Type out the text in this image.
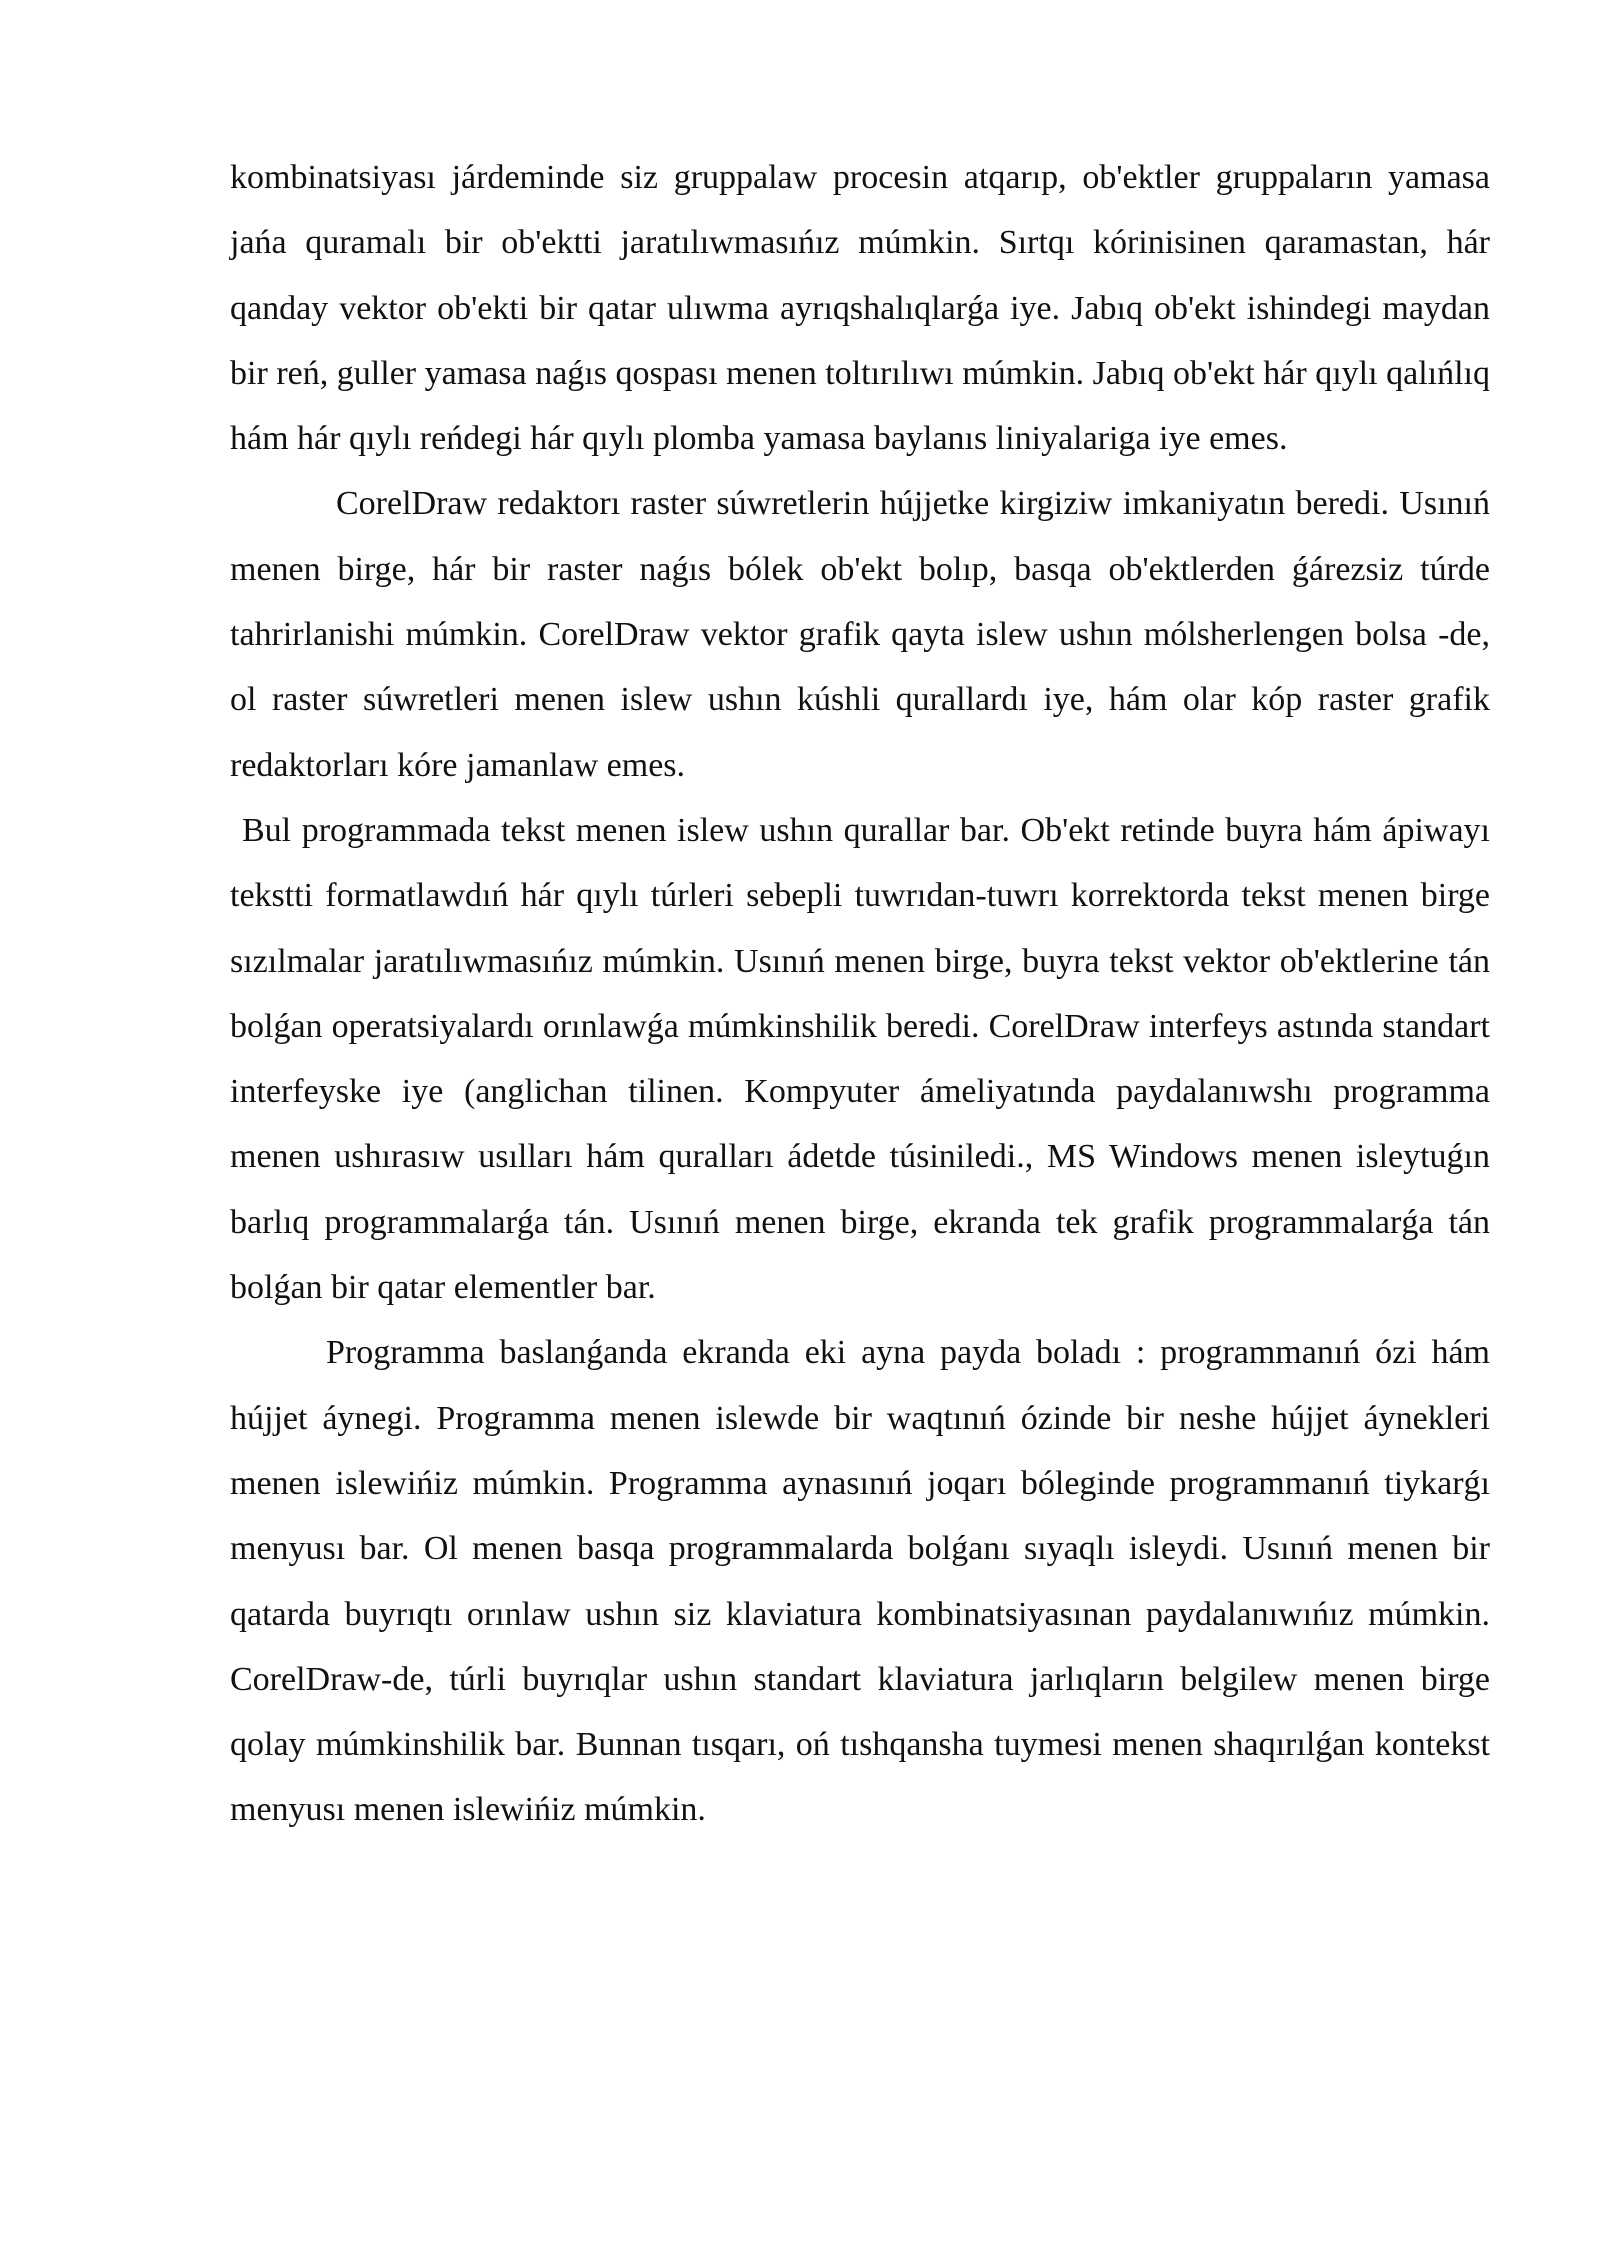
kombinatsiyası járdeminde siz gruppalaw procesin atqarıp, ob'ektler gruppaların yamasa jańa quramalı bir ob'ektti jaratılıwmasıńız múmkin. Sırtqı kórinisinen qaramastan, hár qanday vektor ob'ekti bir qatar ulıwma ayrıqshalıqlarǵa iye. Jabıq ob'ekt ishindegi maydan bir reń, guller yamasa naǵıs qospası menen toltırılıwı múmkin. Jabıq ob'ekt hár qıylı qalıńlıq hám hár qıylı reńdegi hár qıylı plomba yamasa baylanıs liniyalariga iye emes.

CorelDraw redaktorı raster súwretlerin hújjetke kirgiziw imkaniyatın beredi. Usınıń menen birge, hár bir raster naǵıs bólek ob'ekt bolıp, basqa ob'ektlerden ǵárezsiz túrde tahrirlanishi múmkin. CorelDraw vektor grafik qayta islew ushın mólsherlengen bolsa -de, ol raster súwretleri menen islew ushın kúshli qurallardı iye, hám olar kóp raster grafik redaktorları kóre jamanlaw emes.

Bul programmada tekst menen islew ushın qurallar bar. Ob'ekt retinde buyra hám ápiwayı tekstti formatlawdıń hár qıylı túrleri sebepli tuwrıdan-tuwrı korrektorda tekst menen birge sızılmalar jaratılıwmasıńız múmkin. Usınıń menen birge, buyra tekst vektor ob'ektlerine tán bolǵan operatsiyalardı orınlawǵa múmkinshilik beredi. CorelDraw interfeys astında standart interfeyske iye (anglichan tilinen. Kompyuter ámeliyatında paydalanıwshı programma menen ushırasıw usılları hám quralları ádetde túsiniledi., MS Windows menen isleytuǵın barlıq programmalarǵa tán. Usınıń menen birge, ekranda tek grafik programmalarǵa tán bolǵan bir qatar elementler bar.

Programma baslanǵanda ekranda eki ayna payda boladı : programmanıń ózi hám hújjet áynegi. Programma menen islewde bir waqtınıń ózinde bir neshe hújjet áynekleri menen islewińiz múmkin. Programma aynasınıń joqarı bóleginde programmanıń tiykarǵı menyusı bar. Ol menen basqa programmalarda bolǵanı sıyaqlı isleydi. Usınıń menen bir qatarda buyrıqtı orınlaw ushın siz klaviatura kombinatsiyasınan paydalanıwıńız múmkin. CorelDraw-de, túrli buyrıqlar ushın standart klaviatura jarlıqların belgilew menen birge qolay múmkinshilik bar. Bunnan tısqarı, oń tıshqansha tuymesi menen shaqırılǵan kontekst menyusı menen islewińiz múmkin.
